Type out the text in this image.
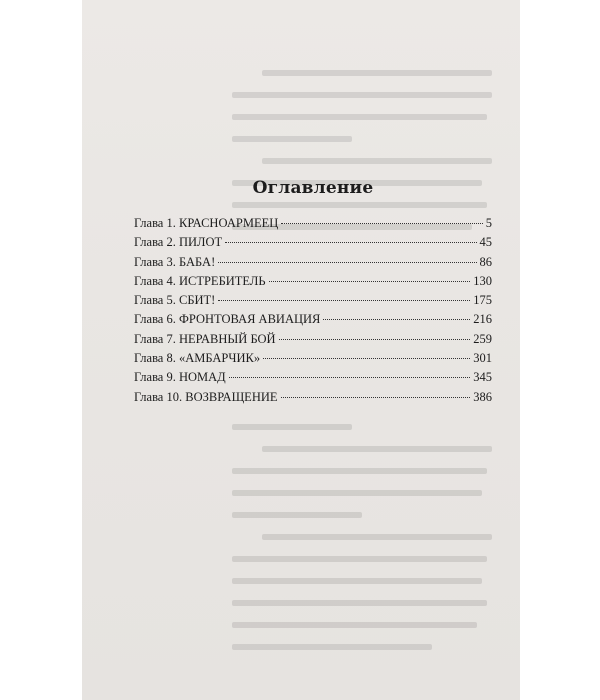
Оглавление
Глава 1. КРАСНОАРМЕЕЦ	5
Глава 2. ПИЛОТ	45
Глава 3. БАБА!	86
Глава 4. ИСТРЕБИТЕЛЬ	130
Глава 5. СБИТ!	175
Глава 6. ФРОНТОВАЯ АВИАЦИЯ	216
Глава 7. НЕРАВНЫЙ БОЙ	259
Глава 8. «АМБАРЧИК»	301
Глава 9. НОМАД	345
Глава 10. ВОЗВРАЩЕНИЕ	386
